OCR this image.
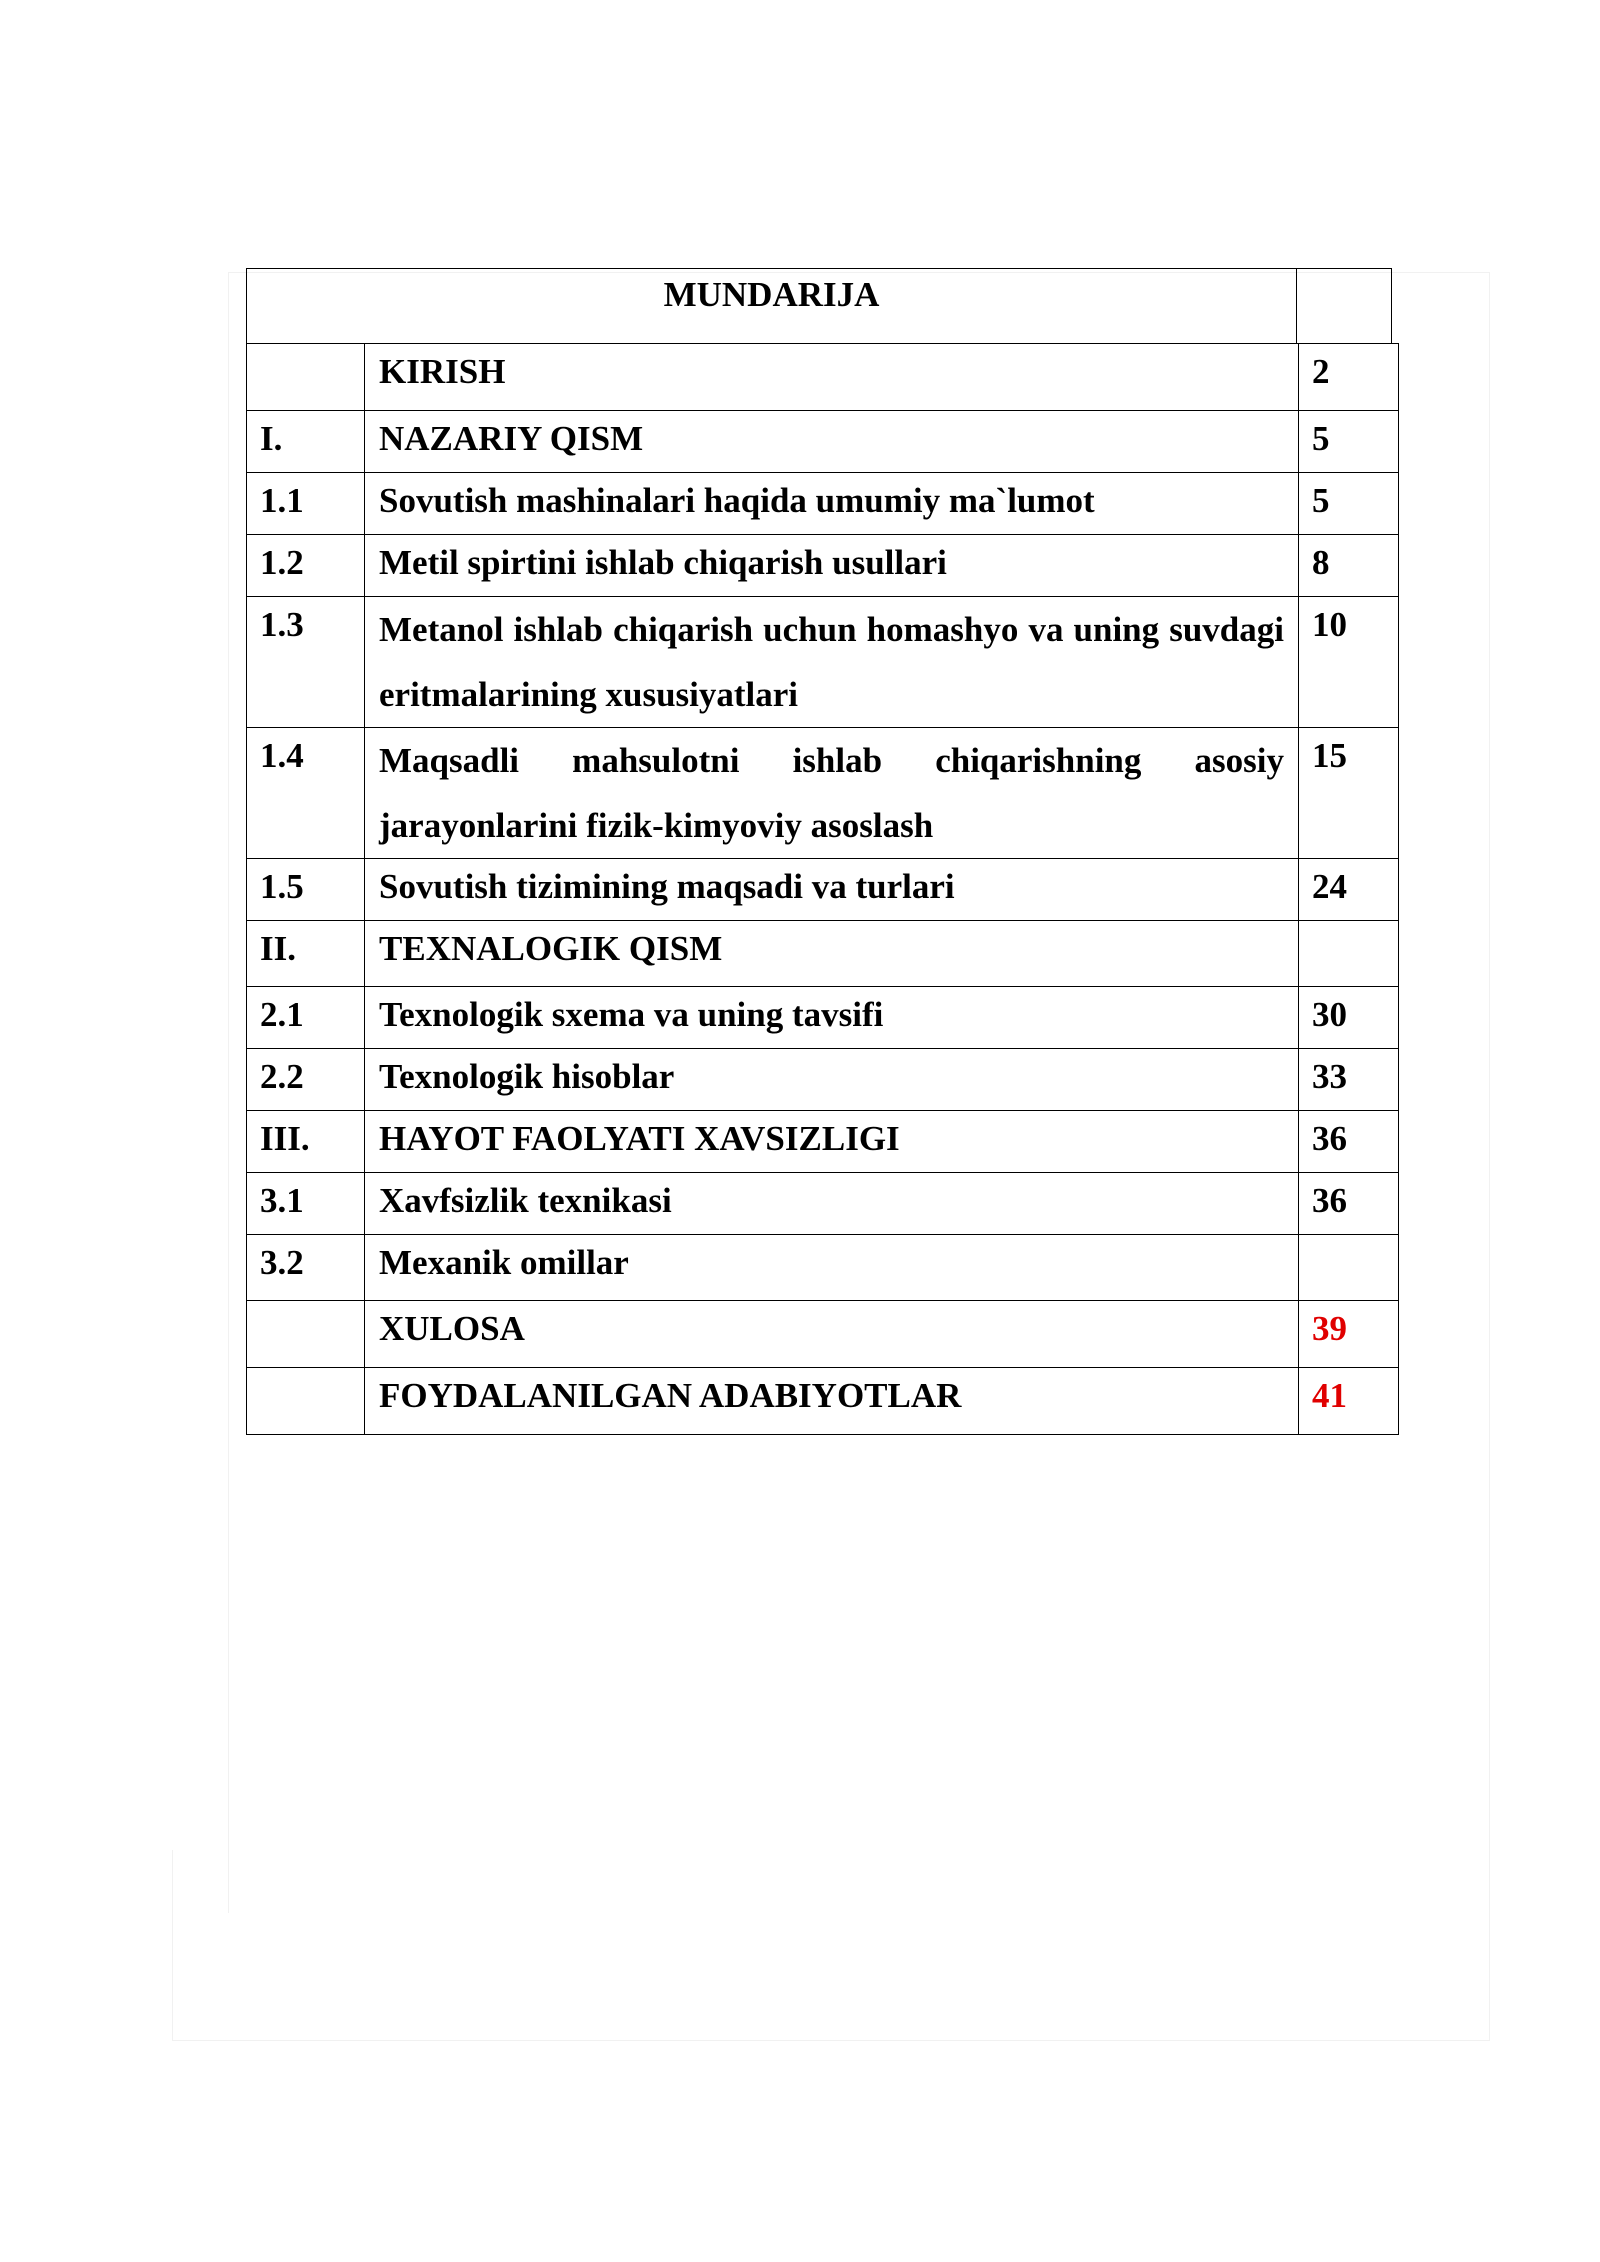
MUNDARIJA
	KIRISH	2
I.	NAZARIY QISM	5
1.1	Sovutish mashinalari haqida umumiy ma`lumot	5
1.2	Metil spirtini ishlab chiqarish usullari	8
1.3	Metanol ishlab chiqarish uchun homashyo va uning suvdagi eritmalarining xususiyatlari	10
1.4	Maqsadli mahsulotni ishlab chiqarishning asosiy jarayonlarini fizik-kimyoviy asoslash	15
1.5	Sovutish tizimining maqsadi va turlari	24
II.	TEXNALOGIK QISM	
2.1	Texnologik sxema va uning tavsifi	30
2.2	Texnologik hisoblar	33
III.	HAYOT FAOLYATI XAVSIZLIGI	36
3.1	Xavfsizlik texnikasi	36
3.2	Mexanik omillar	
	XULOSA	39
	FOYDALANILGAN ADABIYOTLAR	41
